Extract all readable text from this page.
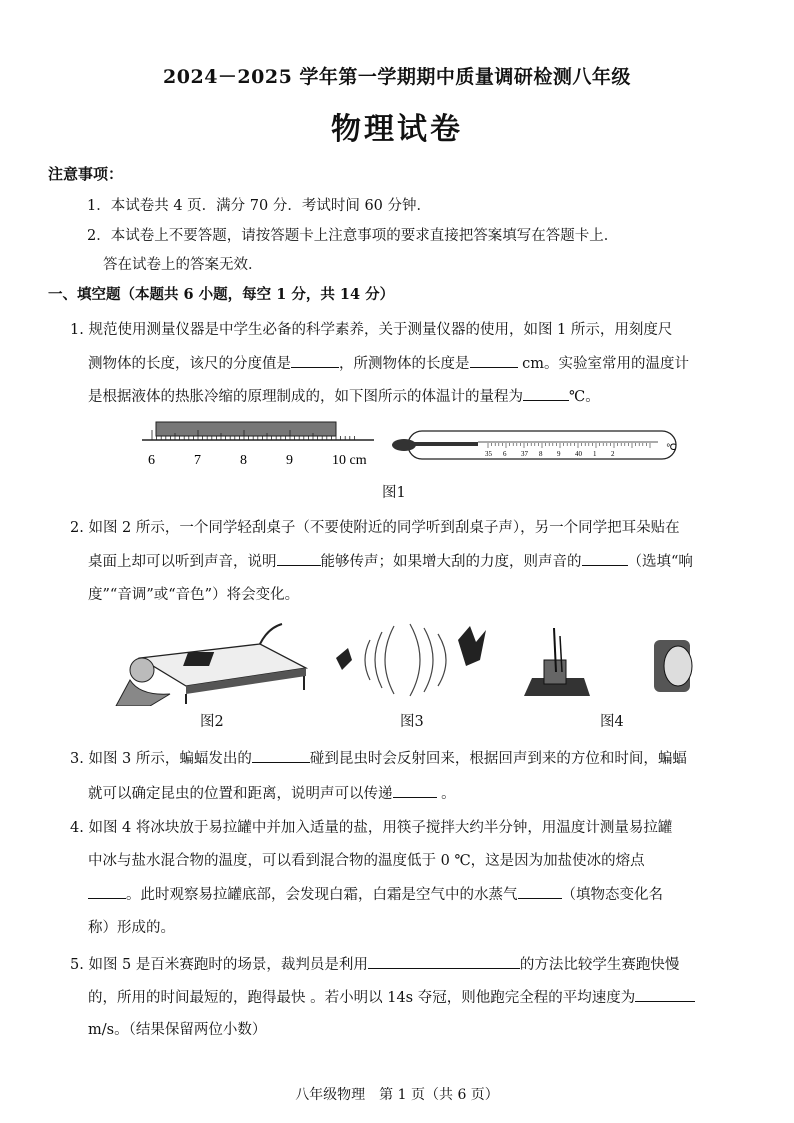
2024－2025 学年第一学期期中质量调研检测八年级
物理试卷
注意事项：
1．本试卷共 4 页．满分 70 分．考试时间 60 分钟．
2．本试卷上不要答题，请按答题卡上注意事项的要求直接把答案填写在答题卡上．
答在试卷上的答案无效．
一、填空题（本题共 6 小题，每空 1 分，共 14 分）
1. 规范使用测量仪器是中学生必备的科学素养，关于测量仪器的使用，如图 1 所示，用刻度尺
测物体的长度，该尺的分度值是	，所测物体的长度是	cm。实验室常用的温度计
是根据液体的热胀冷缩的原理制成的，如下图所示的体温计的量程为	℃。
6	7	8	9	10 cm	35 6 37 8 9 40 1 2
℃
图1
2. 如图 2 所示，一个同学轻刮桌子（不要使附近的同学听到刮桌子声），另一个同学把耳朵贴在
桌面上却可以听到声音，说明	能够传声；如果增大刮的力度，则声音的	（选填“响
度”“音调”或“音色”）将会变化。
图2	图3	图4
3. 如图 3 所示，蝙蝠发出的	碰到昆虫时会反射回来，根据回声到来的方位和时间，蝙蝠
就可以确定昆虫的位置和距离，说明声可以传递	。
4. 如图 4 将冰块放于易拉罐中并加入适量的盐，用筷子搅拌大约半分钟，用温度计测量易拉罐
中冰与盐水混合物的温度，可以看到混合物的温度低于 0 ℃，这是因为加盐使冰的熔点
。此时观察易拉罐底部，会发现白霜，白霜是空气中的水蒸气	（填物态变化名
称）形成的。
5. 如图 5 是百米赛跑时的场景，裁判员是利用	的方法比较学生赛跑快慢
的，所用的时间最短的，跑得最快 。若小明以 14s 夺冠，则他跑完全程的平均速度为
m/s。（结果保留两位小数）
八年级物理　第 1 页（共 6 页）
